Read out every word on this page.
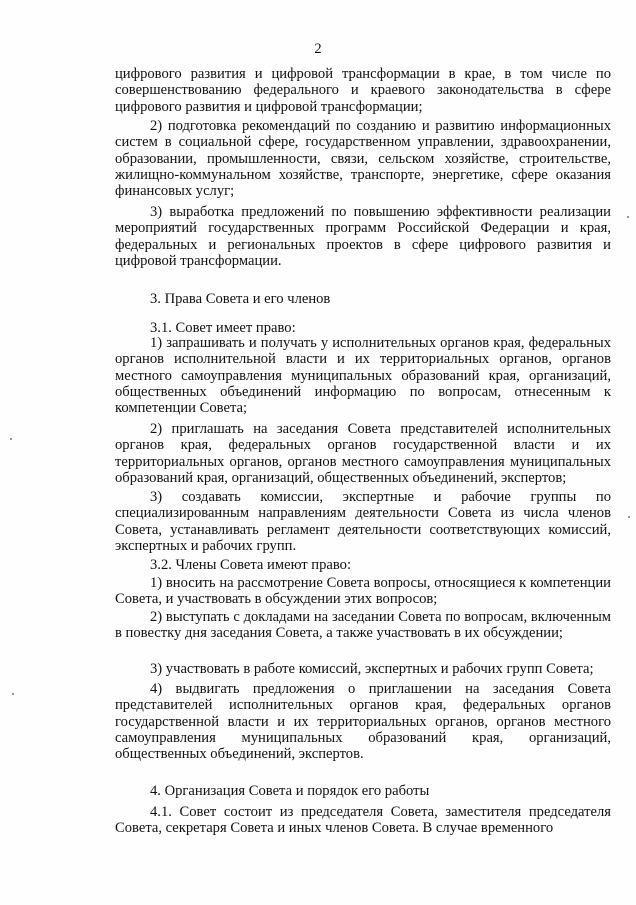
2
цифрового развития и цифровой трансформации в крае, в том числе по совершенствованию федерального и краевого законодательства в сфере цифрового развития и цифровой трансформации;
2) подготовка рекомендаций по созданию и развитию информационных систем в социальной сфере, государственном управлении, здравоохранении, образовании, промышленности, связи, сельском хозяйстве, строительстве, жилищно-коммунальном хозяйстве, транспорте, энергетике, сфере оказания финансовых услуг;
3) выработка предложений по повышению эффективности реализации мероприятий государственных программ Российской Федерации и края, федеральных и региональных проектов в сфере цифрового развития и цифровой трансформации.
3. Права Совета и его членов
3.1. Совет имеет право:
1) запрашивать и получать у исполнительных органов края, федеральных органов исполнительной власти и их территориальных органов, органов местного самоуправления муниципальных образований края, организаций, общественных объединений информацию по вопросам, отнесенным к компетенции Совета;
2) приглашать на заседания Совета представителей исполнительных органов края, федеральных органов государственной власти и их территориальных органов, органов местного самоуправления муниципальных образований края, организаций, общественных объединений, экспертов;
3) создавать комиссии, экспертные и рабочие группы по специализированным направлениям деятельности Совета из числа членов Совета, устанавливать регламент деятельности соответствующих комиссий, экспертных и рабочих групп.
3.2. Члены Совета имеют право:
1) вносить на рассмотрение Совета вопросы, относящиеся к компетенции Совета, и участвовать в обсуждении этих вопросов;
2) выступать с докладами на заседании Совета по вопросам, включенным в повестку дня заседания Совета, а также участвовать в их обсуждении;
3) участвовать в работе комиссий, экспертных и рабочих групп Совета;
4) выдвигать предложения о приглашении на заседания Совета представителей исполнительных органов края, федеральных органов государственной власти и их территориальных органов, органов местного самоуправления муниципальных образований края, организаций, общественных объединений, экспертов.
4. Организация Совета и порядок его работы
4.1. Совет состоит из председателя Совета, заместителя председателя Совета, секретаря Совета и иных членов Совета. В случае временного
